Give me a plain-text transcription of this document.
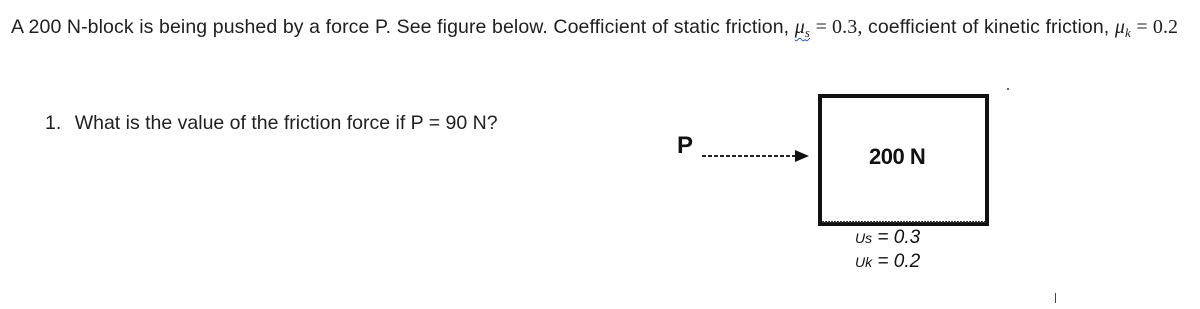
A 200 N-block is being pushed by a force P. See figure below. Coefficient of static friction, $\mu_s = 0.3$, coefficient of kinetic friction, $\mu_k = 0.2$
1. What is the value of the friction force if P = 90 N?
P	200 N
Us = 0.3
Uk = 0.2
